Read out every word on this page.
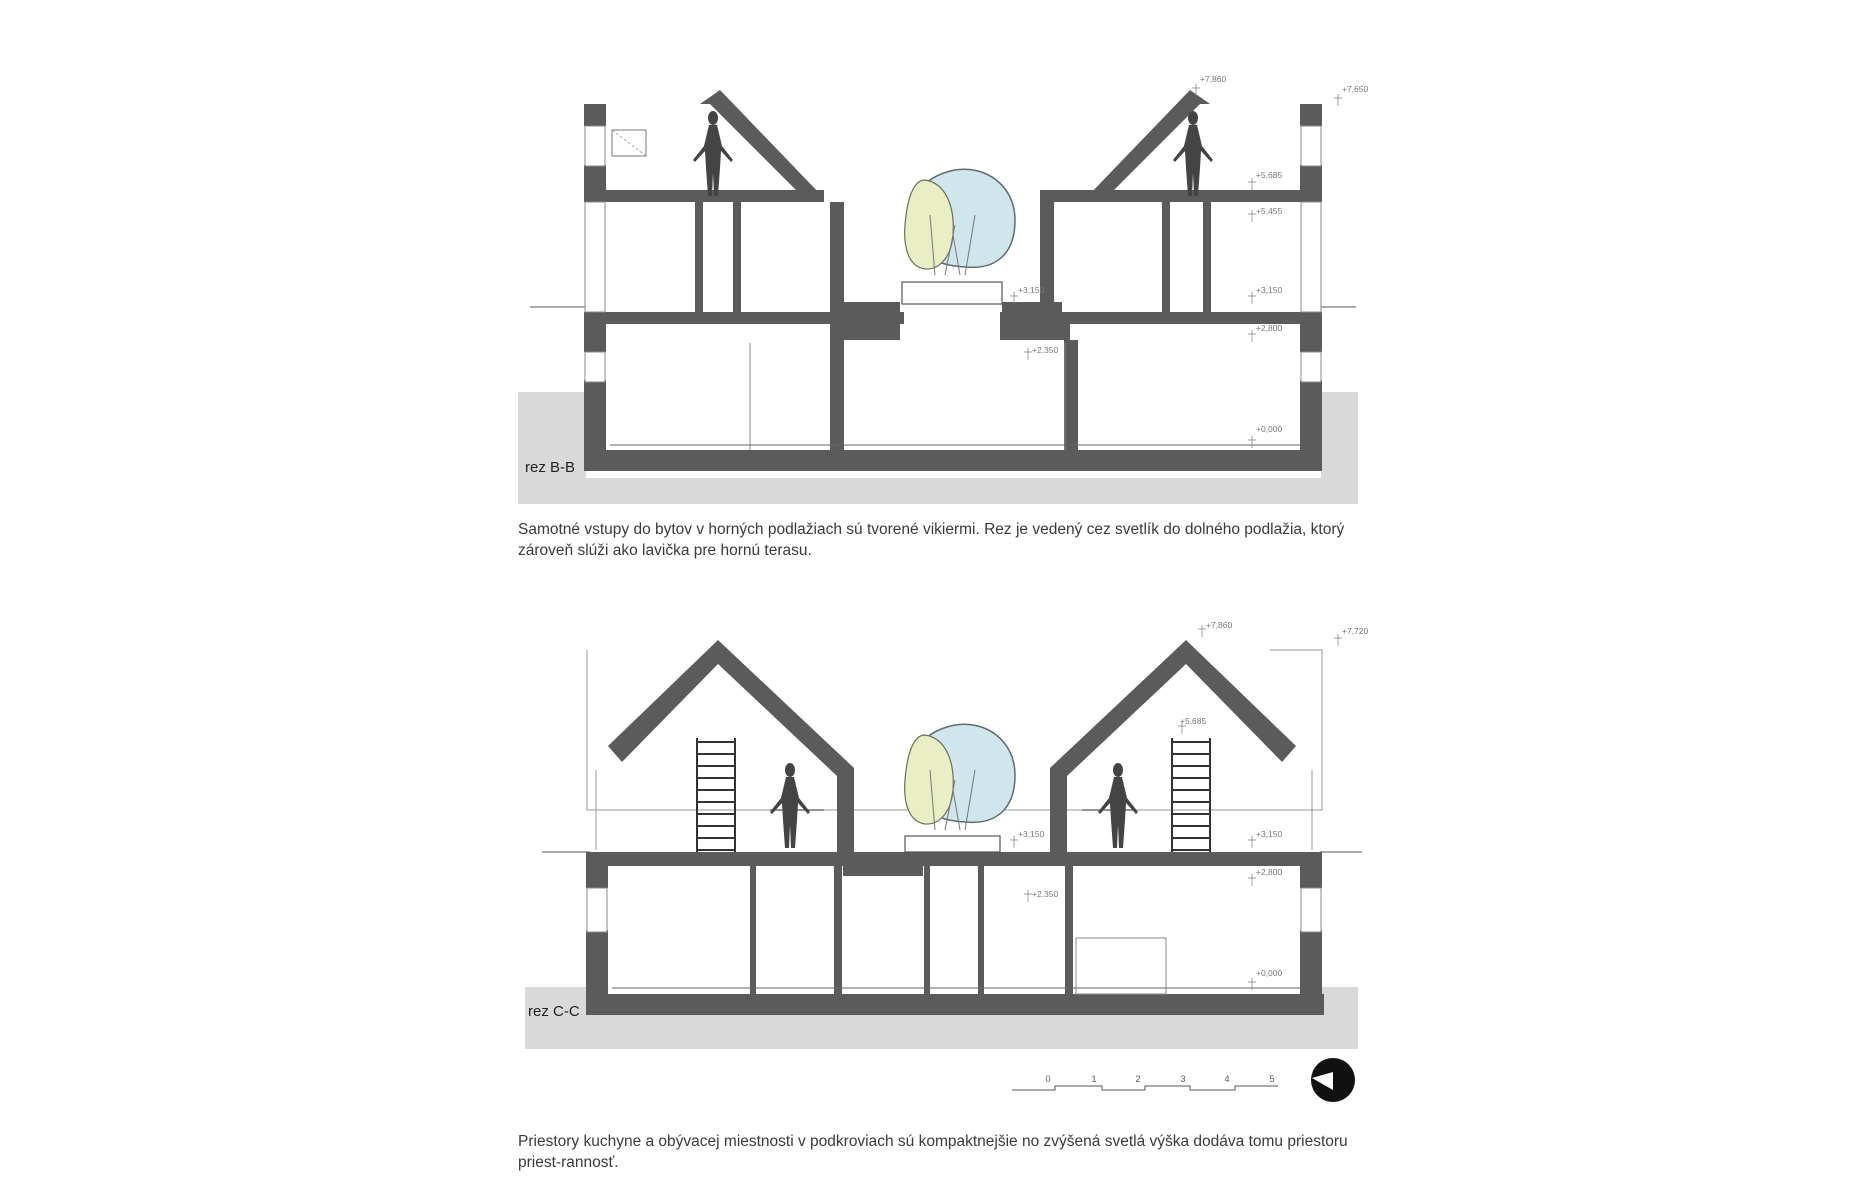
+7,860
+7,650
+5,685
+5,455
+3,150	+3,150
+2,800
+2,350
+0,000
rez B-B
+7,860
+7,720
+5,685
+3,150	+3,150
+2,800
+2,350
+0,000
rez C-C
0	1	2	3	4	5
Samotné vstupy do bytov v horných podlažiach sú tvorené vikiermi. Rez je vedený cez svetlík do dolného podlažia, ktorý zároveň slúži ako lavička pre hornú terasu.
Priestory kuchyne a obývacej miestnosti v podkroviach sú kompaktnejšie no zvýšená svetlá výška dodáva tomu priestoru priest-rannosť.
